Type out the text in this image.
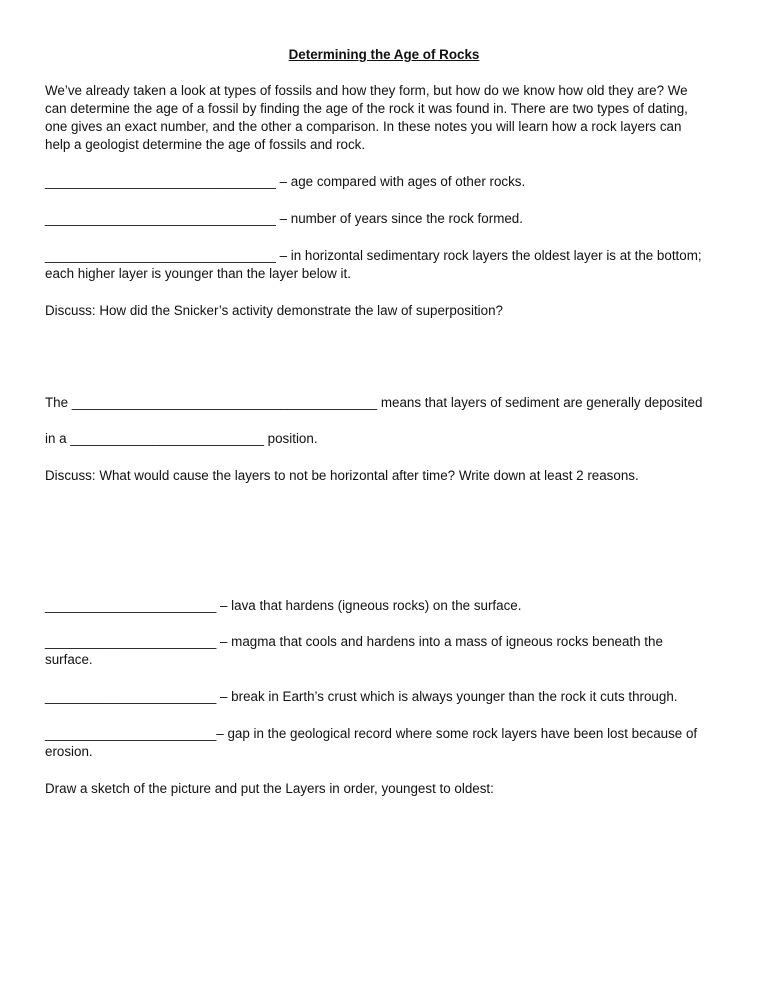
Determining the Age of Rocks
We’ve already taken a look at types of fossils and how they form, but how do we know how old they are? We
can determine the age of a fossil by finding the age of the rock it was found in. There are two types of dating,
one gives an exact number, and the other a comparison. In these notes you will learn how a rock layers can
help a geologist determine the age of fossils and rock.
_______________________________ – age compared with ages of other rocks.
_______________________________ – number of years since the rock formed.
_______________________________ – in horizontal sedimentary rock layers the oldest layer is at the bottom;
each higher layer is younger than the layer below it.
Discuss: How did the Snicker’s activity demonstrate the law of superposition?
The _________________________________________ means that layers of sediment are generally deposited
in a __________________________ position.
Discuss: What would cause the layers to not be horizontal after time? Write down at least 2 reasons.
_______________________ – lava that hardens (igneous rocks) on the surface.
_______________________ – magma that cools and hardens into a mass of igneous rocks beneath the
surface.
_______________________ – break in Earth’s crust which is always younger than the rock it cuts through.
_______________________– gap in the geological record where some rock layers have been lost because of
erosion.
Draw a sketch of the picture and put the Layers in order, youngest to oldest:
